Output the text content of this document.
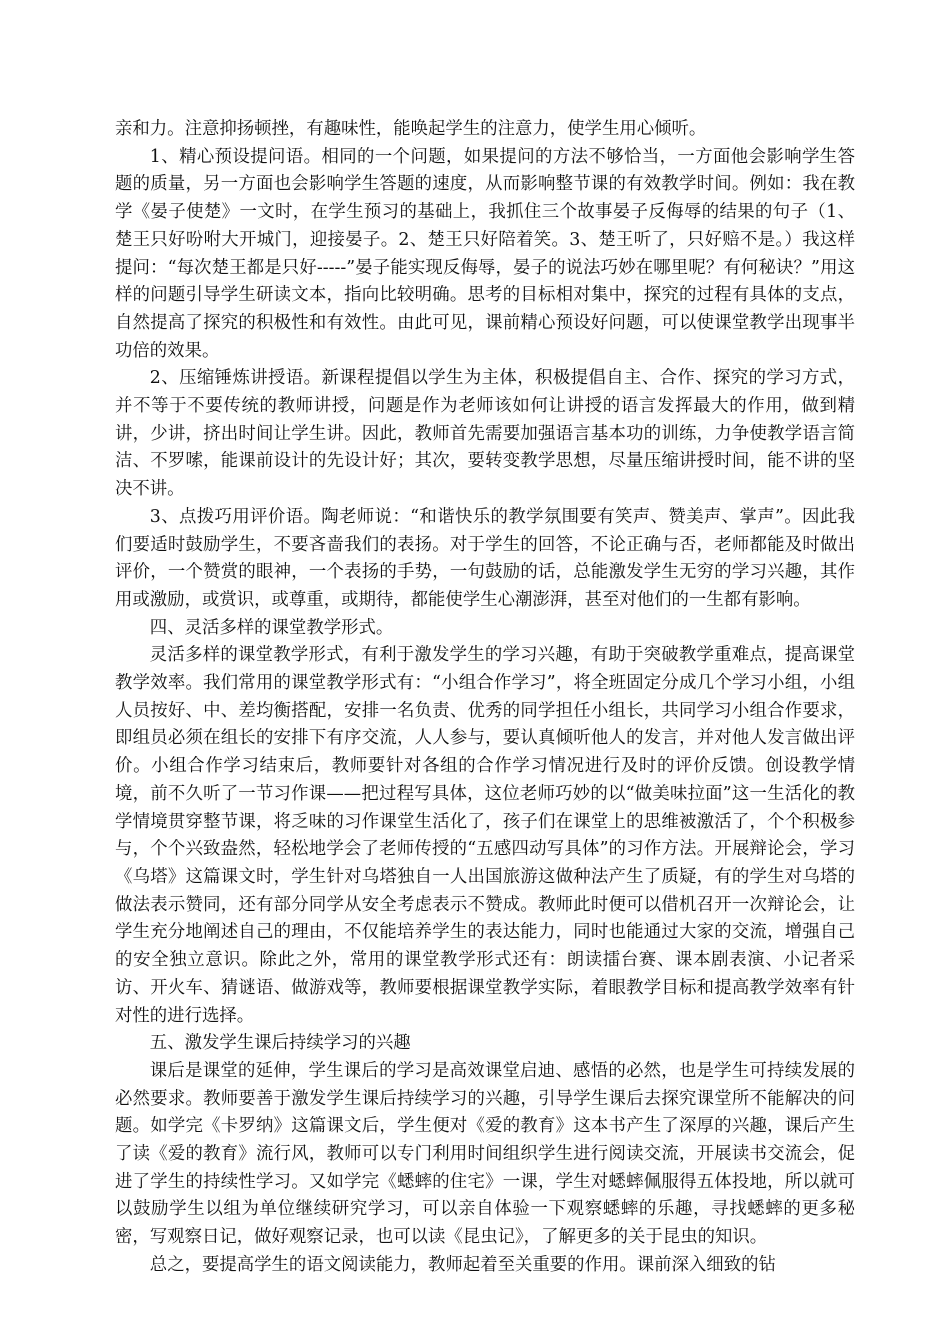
亲和力。注意抑扬顿挫，有趣味性，能唤起学生的注意力，使学生用心倾听。

1、精心预设提问语。相同的一个问题，如果提问的方法不够恰当，一方面他会影响学生答题的质量，另一方面也会影响学生答题的速度，从而影响整节课的有效教学时间。例如：我在教学《晏子使楚》一文时，在学生预习的基础上，我抓住三个故事晏子反侮辱的结果的句子（1、楚王只好吩咐大开城门，迎接晏子。2、楚王只好陪着笑。3、楚王听了，只好赔不是。）我这样提问：“每次楚王都是只好-----”晏子能实现反侮辱，晏子的说法巧妙在哪里呢？有何秘诀？”用这样的问题引导学生研读文本，指向比较明确。思考的目标相对集中，探究的过程有具体的支点，自然提高了探究的积极性和有效性。由此可见，课前精心预设好问题，可以使课堂教学出现事半功倍的效果。

2、压缩锤炼讲授语。新课程提倡以学生为主体，积极提倡自主、合作、探究的学习方式，并不等于不要传统的教师讲授，问题是作为老师该如何让讲授的语言发挥最大的作用，做到精讲，少讲，挤出时间让学生讲。因此，教师首先需要加强语言基本功的训练，力争使教学语言简洁、不罗嗦，能课前设计的先设计好；其次，要转变教学思想，尽量压缩讲授时间，能不讲的坚决不讲。

3、点拨巧用评价语。陶老师说：“和谐快乐的教学氛围要有笑声、赞美声、掌声”。因此我们要适时鼓励学生，不要吝啬我们的表扬。对于学生的回答，不论正确与否，老师都能及时做出评价，一个赞赏的眼神，一个表扬的手势，一句鼓励的话，总能激发学生无穷的学习兴趣，其作用或激励，或赏识，或尊重，或期待，都能使学生心潮澎湃，甚至对他们的一生都有影响。

四、灵活多样的课堂教学形式。

灵活多样的课堂教学形式，有利于激发学生的学习兴趣，有助于突破教学重难点，提高课堂教学效率。我们常用的课堂教学形式有：“小组合作学习”，将全班固定分成几个学习小组，小组人员按好、中、差均衡搭配，安排一名负责、优秀的同学担任小组长，共同学习小组合作要求，即组员必须在组长的安排下有序交流，人人参与，要认真倾听他人的发言，并对他人发言做出评价。小组合作学习结束后，教师要针对各组的合作学习情况进行及时的评价反馈。创设教学情境，前不久听了一节习作课——把过程写具体，这位老师巧妙的以“做美味拉面”这一生活化的教学情境贯穿整节课，将乏味的习作课堂生活化了，孩子们在课堂上的思维被激活了，个个积极参与，个个兴致盎然，轻松地学会了老师传授的“五感四动写具体”的习作方法。开展辩论会，学习《乌塔》这篇课文时，学生针对乌塔独自一人出国旅游这做种法产生了质疑，有的学生对乌塔的做法表示赞同，还有部分同学从安全考虑表示不赞成。教师此时便可以借机召开一次辩论会，让学生充分地阐述自己的理由，不仅能培养学生的表达能力，同时也能通过大家的交流，增强自己的安全独立意识。除此之外，常用的课堂教学形式还有：朗读擂台赛、课本剧表演、小记者采访、开火车、猜谜语、做游戏等，教师要根据课堂教学实际，着眼教学目标和提高教学效率有针对性的进行选择。

五、激发学生课后持续学习的兴趣

课后是课堂的延伸，学生课后的学习是高效课堂启迪、感悟的必然，也是学生可持续发展的必然要求。教师要善于激发学生课后持续学习的兴趣，引导学生课后去探究课堂所不能解决的问题。如学完《卡罗纳》这篇课文后，学生便对《爱的教育》这本书产生了深厚的兴趣，课后产生了读《爱的教育》流行风，教师可以专门利用时间组织学生进行阅读交流，开展读书交流会，促进了学生的持续性学习。又如学完《蟋蟀的住宅》一课，学生对蟋蟀佩服得五体投地，所以就可以鼓励学生以组为单位继续研究学习，可以亲自体验一下观察蟋蟀的乐趣，寻找蟋蟀的更多秘密，写观察日记，做好观察记录，也可以读《昆虫记》，了解更多的关于昆虫的知识。

总之，要提高学生的语文阅读能力，教师起着至关重要的作用。课前深入细致的钻
